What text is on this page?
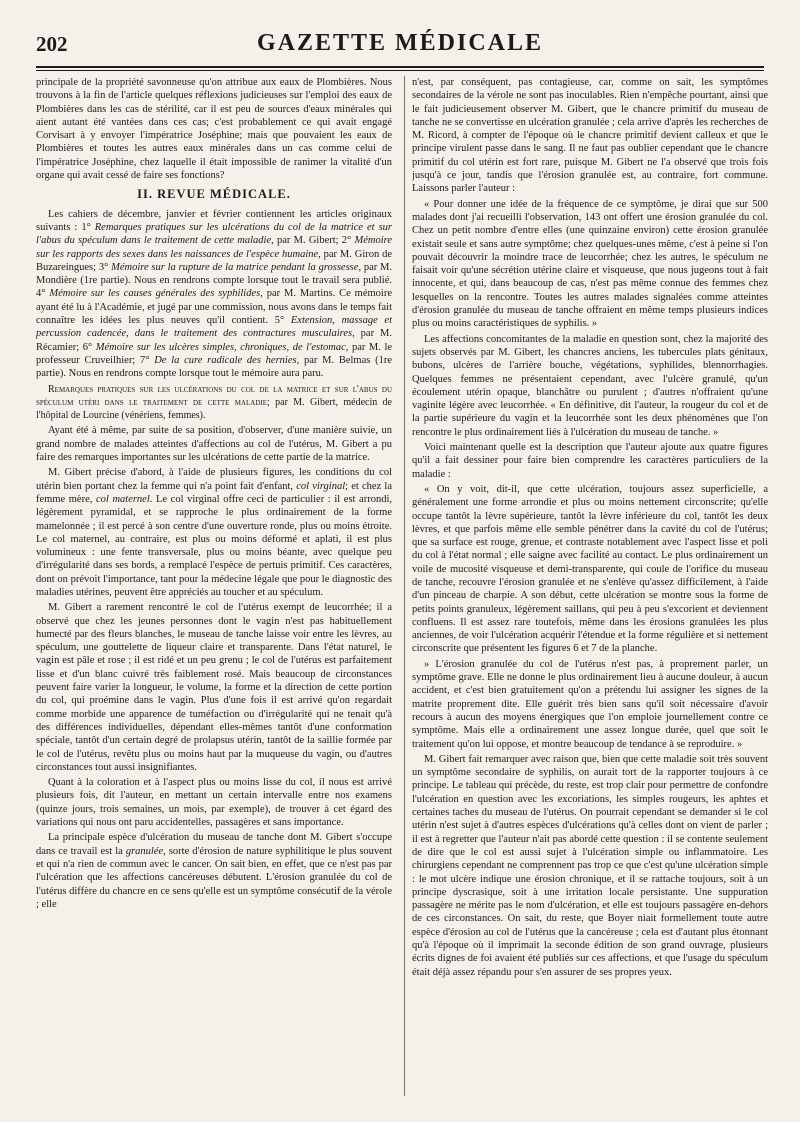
202	GAZETTE MÉDICALE

principale de la propriété savonneuse qu'on attribue aux eaux de Plombières. Nous trouvons à la fin de l'article quelques réflexions judicieuses sur l'emploi des eaux de Plombières dans les cas de stérilité, car il est peu de sources d'eaux minérales qui aient autant été vantées dans ces cas; c'est probablement ce qui avait engagé Corvisart à y envoyer l'impératrice Joséphine; mais que pouvaient les eaux de Plombières et toutes les autres eaux minérales dans un cas comme celui de l'impératrice Joséphine, chez laquelle il était impossible de ranimer la vitalité d'un organe qui avait cessé de faire ses fonctions?

II. REVUE MÉDICALE.

Les cahiers de décembre, janvier et février contiennent les articles originaux suivants : 1° Remarques pratiques sur les ulcérations du col de la matrice et sur l'abus du spéculum dans le traitement de cette maladie, par M. Gibert; 2° Mémoire sur les rapports des sexes dans les naissances de l'espèce humaine, par M. Giron de Buzareingues; 3° Mémoire sur la rupture de la matrice pendant la grossesse, par M. Mondière (1re partie). Nous en rendrons compte lorsque tout le travail sera publié. 4° Mémoire sur les causes générales des syphilides, par M. Martins. Ce mémoire ayant été lu à l'Académie, et jugé par une commission, nous avons dans le temps fait connaître les idées les plus neuves qu'il contient. 5° Extension, massage et percussion cadencée, dans le traitement des contractures musculaires, par M. Récamier; 6° Mémoire sur les ulcères simples, chroniques, de l'estomac, par M. le professeur Cruveilhier; 7° De la cure radicale des hernies, par M. Belmas (1re partie). Nous en rendrons compte lorsque tout le mémoire aura paru.

Remarques pratiques sur les ulcérations du col de la matrice et sur l'abus du spéculum utéri dans le traitement de cette maladie; par M. Gibert, médecin de l'hôpital de Lourcine (vénériens, femmes).

Ayant été à même, par suite de sa position, d'observer, d'une manière suivie, un grand nombre de malades atteintes d'affections au col de l'utérus, M. Gibert a pu faire des remarques importantes sur les ulcérations de cette partie de la matrice.

M. Gibert précise d'abord, à l'aide de plusieurs figures, les conditions du col utérin bien portant chez la femme qui n'a point fait d'enfant, col virginal; et chez la femme mère, col maternel. Le col virginal offre ceci de particulier : il est arrondi, légèrement pyramidal, et se rapproche le plus ordinairement de la forme mamelonnée ; il est percé à son centre d'une ouverture ronde, plus ou moins étroite. Le col maternel, au contraire, est plus ou moins déformé et aplati, il est plus volumineux : une fente transversale, plus ou moins béante, avec quelque peu d'irrégularité dans ses bords, a remplacé l'espèce de pertuis primitif. Ces caractères, dont on prévoit l'importance, tant pour la médecine légale que pour le diagnostic des maladies utérines, peuvent être appréciés au toucher et au spéculum.

M. Gibert a rarement rencontré le col de l'utérus exempt de leucorrhée; il a observé que chez les jeunes personnes dont le vagin n'est pas habituellement humecté par des fleurs blanches, le museau de tanche laisse voir entre les lèvres, au spéculum, une gouttelette de liqueur claire et transparente. Dans l'état naturel, le vagin est pâle et rose ; il est ridé et un peu grenu ; le col de l'utérus est parfaitement lisse et d'un blanc cuivré très faiblement rosé. Mais beaucoup de circonstances peuvent faire varier la longueur, le volume, la forme et la direction de cette portion du col, qui proémine dans le vagin. Plus d'une fois il est arrivé qu'on regardait comme morbide une apparence de tuméfaction ou d'irrégularité qui ne tenait qu'à des différences individuelles, dépendant elles-mêmes tantôt d'une conformation spéciale, tantôt d'un certain degré de prolapsus utérin, tantôt de la saillie formée par le col de l'utérus, revêtu plus ou moins haut par la muqueuse du vagin, ou d'autres circonstances tout aussi insignifiantes.

Quant à la coloration et à l'aspect plus ou moins lisse du col, il nous est arrivé plusieurs fois, dit l'auteur, en mettant un certain intervalle entre nos examens (quinze jours, trois semaines, un mois, par exemple), de trouver à cet égard des variations qui nous ont paru accidentelles, passagères et sans importance.

La principale espèce d'ulcération du museau de tanche dont M. Gibert s'occupe dans ce travail est la granulée, sorte d'érosion de nature syphilitique le plus souvent et qui n'a rien de commun avec le cancer. On sait bien, en effet, que ce n'est pas par l'ulcération que les affections cancéreuses débutent. L'érosion granulée du col de l'utérus diffère du chancre en ce sens qu'elle est un symptôme consécutif de la vérole ; elle

n'est, par conséquent, pas contagieuse, car, comme on sait, les symptômes secondaires de la vérole ne sont pas inoculables. Rien n'empêche pourtant, ainsi que le fait judicieusement observer M. Gibert, que le chancre primitif du museau de tanche ne se convertisse en ulcération granulée ; cela arrive d'après les recherches de M. Ricord, à compter de l'époque où le chancre primitif devient calleux et que le principe virulent passe dans le sang. Il ne faut pas oublier cependant que le chancre primitif du col utérin est fort rare, puisque M. Gibert ne l'a observé que trois fois jusqu'à ce jour, tandis que l'érosion granulée est, au contraire, fort commune. Laissons parler l'auteur :

« Pour donner une idée de la fréquence de ce symptôme, je dirai que sur 500 malades dont j'ai recueilli l'observation, 143 ont offert une érosion granulée du col. Chez un petit nombre d'entre elles (une quinzaine environ) cette érosion granulée existait seule et sans autre symptôme; chez quelques-unes même, c'est à peine si l'on pouvait découvrir la moindre trace de leucorrhée; chez les autres, le spéculum ne faisait voir qu'une sécrétion utérine claire et visqueuse, que nous jugeons tout à fait innocente, et qui, dans beaucoup de cas, n'est pas même connue des femmes chez lesquelles on la rencontre. Toutes les autres malades signalées comme atteintes d'érosion granulée du museau de tanche offraient en même temps plusieurs indices plus ou moins caractéristiques de syphilis. »

Les affections concomitantes de la maladie en question sont, chez la majorité des sujets observés par M. Gibert, les chancres anciens, les tubercules plats génitaux, bubons, ulcères de l'arrière bouche, végétations, syphilides, blennorrhagies. Quelques femmes ne présentaient cependant, avec l'ulcère granulé, qu'un écoulement utérin opaque, blanchâtre ou purulent ; d'autres n'offraient qu'une vaginite légère avec leucorrhée. « En définitive, dit l'auteur, la rougeur du col et de la partie supérieure du vagin et la leucorrhée sont les deux phénomènes que l'on rencontre le plus ordinairement liés à l'ulcération du museau de tanche. »

Voici maintenant quelle est la description que l'auteur ajoute aux quatre figures qu'il a fait dessiner pour faire bien comprendre les caractères particuliers de la maladie :

« On y voit, dit-il, que cette ulcération, toujours assez superficielle, a généralement une forme arrondie et plus ou moins nettement circonscrite; qu'elle occupe tantôt la lèvre supérieure, tantôt la lèvre inférieure du col, tantôt les deux lèvres, et que parfois même elle semble pénétrer dans la cavité du col de l'utérus; que sa surface est rouge, grenue, et contraste notablement avec l'aspect lisse et poli du col à l'état normal ; elle saigne avec facilité au contact. Le plus ordinairement un voile de mucosité visqueuse et demi-transparente, qui coule de l'orifice du museau de tanche, recouvre l'érosion granulée et ne s'enlève qu'assez difficilement, à l'aide d'un pinceau de charpie. A son début, cette ulcération se montre sous la forme de petits points granuleux, légèrement saillans, qui peu à peu s'excorient et deviennent confluens. Il est assez rare toutefois, même dans les érosions granulées les plus anciennes, de voir l'ulcération acquérir l'étendue et la forme régulière et si nettement circonscrite que présentent les figures 6 et 7 de la planche.

» L'érosion granulée du col de l'utérus n'est pas, à proprement parler, un symptôme grave. Elle ne donne le plus ordinairement lieu à aucune douleur, à aucun accident, et c'est bien gratuitement qu'on a prétendu lui assigner les signes de la matrite proprement dite. Elle guérit très bien sans qu'il soit nécessaire d'avoir recours à aucun des moyens énergiques que l'on emploie journellement contre ce symptôme. Mais elle a ordinairement une assez longue durée, quel que soit le traitement qu'on lui oppose, et montre beaucoup de tendance à se reproduire. »

M. Gibert fait remarquer avec raison que, bien que cette maladie soit très souvent un symptôme secondaire de syphilis, on aurait tort de la rapporter toujours à ce principe. Le tableau qui précède, du reste, est trop clair pour permettre de confondre l'ulcération en question avec les excoriations, les simples rougeurs, les aphtes et certaines taches du museau de l'utérus. On pourrait cependant se demander si le col utérin n'est sujet à d'autres espèces d'ulcérations qu'à celles dont on vient de parler ; il est à regretter que l'auteur n'ait pas abordé cette question : il se contente seulement de dire que le col est aussi sujet à l'ulcération simple ou inflammatoire. Les chirurgiens cependant ne comprennent pas trop ce que c'est qu'une ulcération simple : le mot ulcère indique une érosion chronique, et il se rattache toujours, soit à un principe dyscrasique, soit à une irritation locale persistante. Une suppuration passagère ne mérite pas le nom d'ulcération, et elle est toujours passagère en-dehors de ces circonstances. On sait, du reste, que Boyer niait formellement toute autre espèce d'érosion au col de l'utérus que la cancéreuse ; cela est d'autant plus étonnant qu'à l'époque où il imprimait la seconde édition de son grand ouvrage, plusieurs écrits dignes de foi avaient été publiés sur ces affections, et que l'usage du spéculum était déjà assez répandu pour s'en assurer de ses propres yeux.
